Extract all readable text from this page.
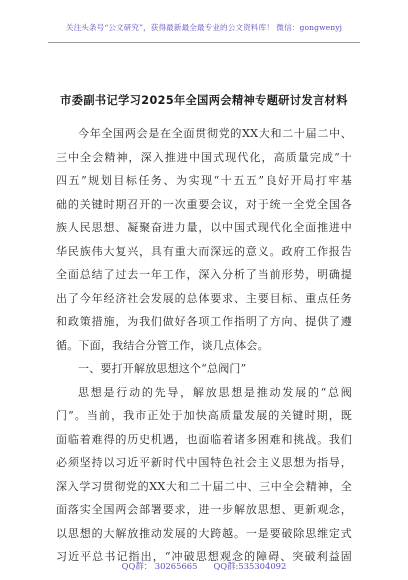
关注头条号“公文研究”，获得最新最全最专业的公文资料库！ 微信：gongwenyj
市委副书记学习2025年全国两会精神专题研讨发言材料
今年全国两会是在全面贯彻党的XX大和二十届二中、
三中全会精神，深入推进中国式现代化，高质量完成“十
四五”规划目标任务、为实现“十五五”良好开局打牢基
础的关键时期召开的一次重要会议，对于统一全党全国各
族人民思想、凝聚奋进力量，以中国式现代化全面推进中
华民族伟大复兴，具有重大而深远的意义。政府工作报告
全面总结了过去一年工作，深入分析了当前形势，明确提
出了今年经济社会发展的总体要求、主要目标、重点任务
和政策措施，为我们做好各项工作指明了方向、提供了遵
循。下面，我结合分管工作，谈几点体会。
一、要打开解放思想这个“总阀门”
思想是行动的先导，解放思想是推动发展的“总阀
门”。当前，我市正处于加快高质量发展的关键时期，既
面临着难得的历史机遇，也面临着诸多困难和挑战。我们
必须坚持以习近平新时代中国特色社会主义思想为指导，
深入学习贯彻党的XX大和二十届二中、三中全会精神，全
面落实全国两会部署要求，进一步解放思想、更新观念，
以思想的大解放推动发展的大跨越。一是要破除思维定式
习近平总书记指出，“冲破思想观念的障碍、突破利益固
QQ群： 30265665 QQ群:535304092
